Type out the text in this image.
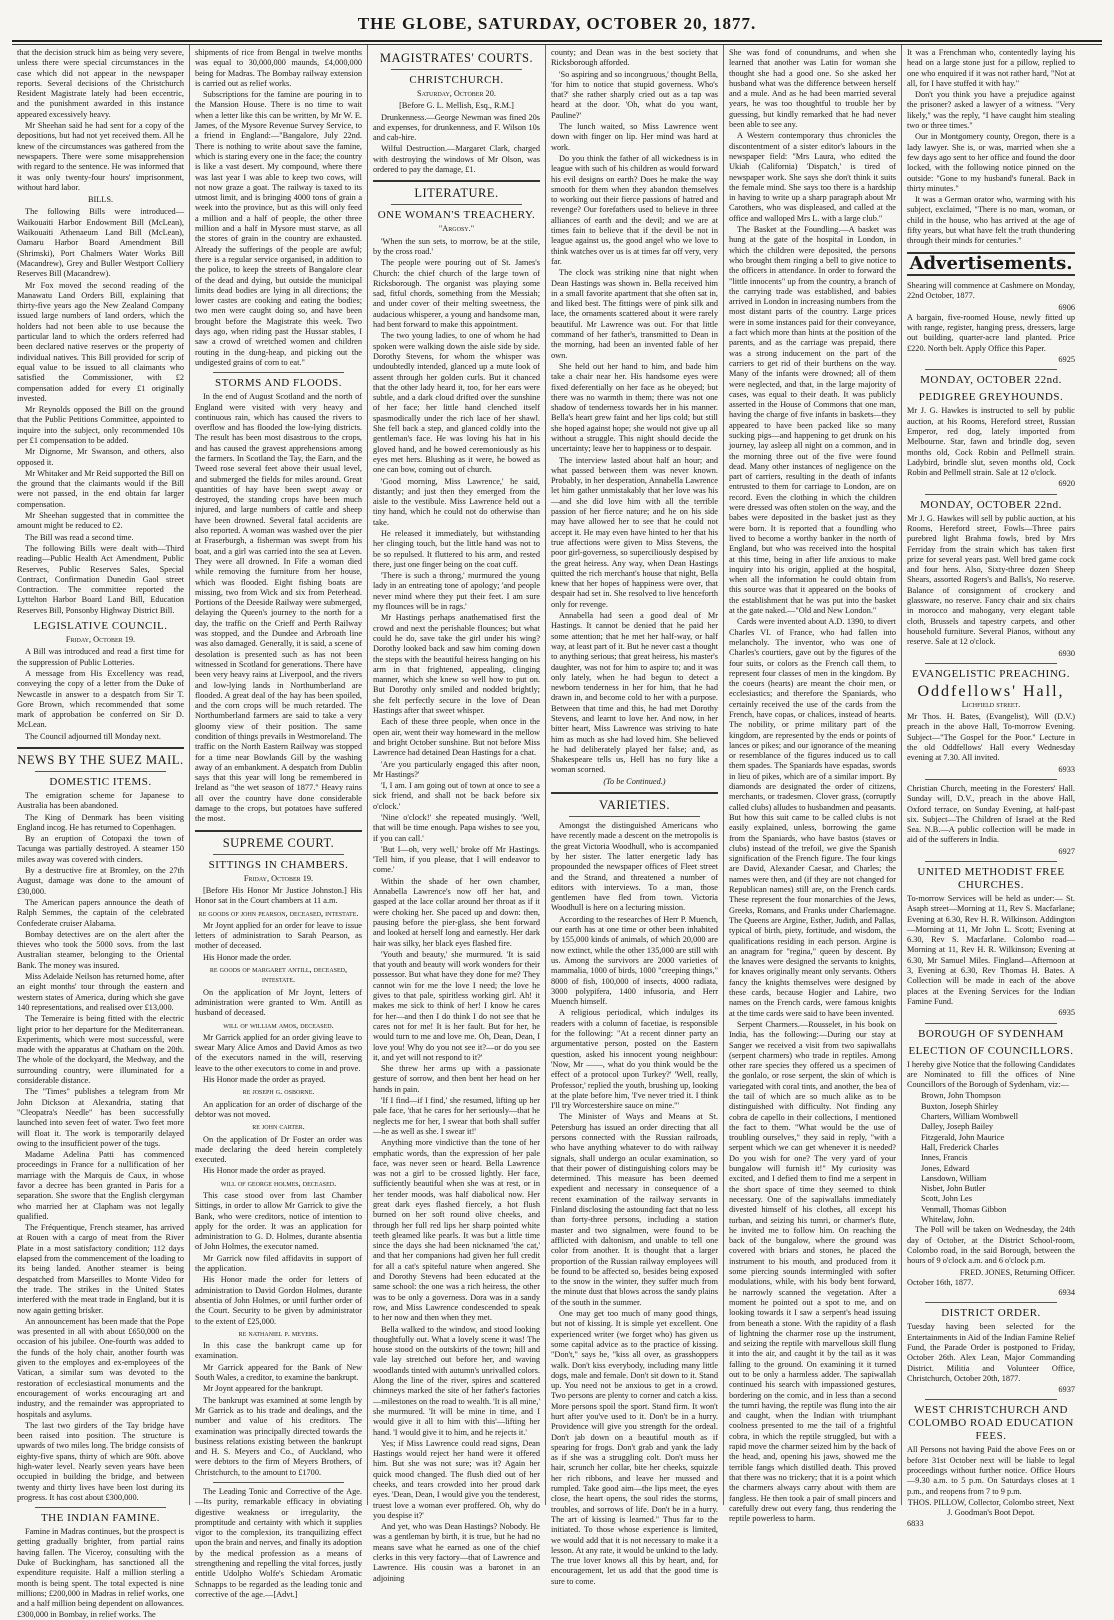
THE GLOBE, SATURDAY, OCTOBER 20, 1877.

that the decision struck him as being very severe, unless there were special circumstances in the case which did not appear in the newspaper reports. Several decisions of the Christchurch Resident Magistrate lately had been eccentric, and the punishment awarded in this instance appeared excessively heavy.

Mr Sheehan said he had sent for a copy of the depositions, but had not yet received them. All he knew of the circumstances was gathered from the newspapers. There were some misapprehension with regard to the sentence. He was informed that it was only twenty-four hours' imprisonment, without hard labor.

BILLS.

The following Bills were introduced—Waikouaiti Harbor Endowment Bill (McLean), Waikouaiti Athenaeum Land Bill (McLean), Oamaru Harbor Board Amendment Bill (Shrimski), Port Chalmers Water Works Bill (Macandrew), Grey and Buller Westport Colliery Reserves Bill (Macandrew).

Mr Fox moved the second reading of the Manawatu Land Orders Bill, explaining that thirty-five years ago the New Zealand Company issued large numbers of land orders, which the holders had not been able to use because the particular land to which the orders referred had been declared native reserves or the property of individual natives. This Bill provided for scrip of equal value to be issued to all claimants who satisfied the Commissioner, with £2 compensation added for every £1 originally invested.

Mr Reynolds opposed the Bill on the ground that the Public Petitions Committee, appointed to inquire into the subject, only recommended 10s per £1 compensation to be added.

Mr Dignorne, Mr Swanson, and others, also opposed it.

Mr Whitaker and Mr Reid supported the Bill on the ground that the claimants would if the Bill were not passed, in the end obtain far larger compensation.

Mr Sheehan suggested that in committee the amount might be reduced to £2.

The Bill was read a second time.

The following Bills were dealt with—Third reading—Public Health Act Amendment, Public Reserves, Public Reserves Sales, Special Contract, Confirmation Dunedin Gaol street Contraction. The committee reported the Lyttelton Harbor Board Land Bill, Education Reserves Bill, Ponsonby Highway District Bill.

LEGISLATIVE COUNCIL.
Friday, October 19.

A Bill was introduced and read a first time for the suppression of Public Lotteries.

A message from His Excellency was read, conveying the copy of a letter from the Duke of Newcastle in answer to a despatch from Sir T. Gore Brown, which recommended that some mark of approbation be conferred on Sir D. McLean.

The Council adjourned till Monday next.

NEWS BY THE SUEZ MAIL.
DOMESTIC ITEMS.

The emigration scheme for Japanese to Australia has been abandoned.

The King of Denmark has been visiting England incog. He has returned to Copenhagen.

By an eruption of Cotopaxi the town of Tacunga was partially destroyed. A steamer 150 miles away was covered with cinders.

By a destructive fire at Bromley, on the 27th August, damage was done to the amount of £30,000.

The American papers announce the death of Ralph Semmes, the captain of the celebrated Confederate cruiser Alabama.

Bombay detectives are on the alert after the thieves who took the 5000 sovs. from the last Australian steamer, belonging to the Oriental Bank. The money was insured.

Miss Adelaide Neilson has returned home, after an eight months' tour through the eastern and western states of America, during which she gave 140 representations, and realised over £13,000.

The Temeraire is being fitted with the electric light prior to her departure for the Mediterranean. Experiments, which were most successful, were made with the apparatus at Chatham on the 20th. The whole of the dockyard, the Medway, and the surrounding country, were illuminated for a considerable distance.

The "Times" publishes a telegram from Mr John Dickson at Alexandria, stating that "Cleopatra's Needle" has been successfully launched into seven feet of water. Two feet more will float it. The work is temporarily delayed owing to the insufficient power of the tugs.

Madame Adelina Patti has commenced proceedings in France for a nullification of her marriage with the Marquis de Caux, in whose favor a decree has been granted in Paris for a separation. She swore that the English clergyman who married her at Clapham was not legally qualified.

The Fréquentique, French steamer, has arrived at Rouen with a cargo of meat from the River Plate in a most satisfactory condition; 112 days elapsed from the commencement of the loading to its being landed. Another steamer is being despatched from Marseilles to Monte Video for the trade. The strikes in the United States interfered with the meat trade in England, but it is now again getting brisker.

An announcement has been made that the Pope was presented in all with about £650,000 on the occasion of his jubilee. One-fourth was added to the funds of the holy chair, another fourth was given to the employes and ex-employees of the Vatican, a similar sum was devoted to the restoration of ecclesiastical monuments and the encouragement of works encouraging art and industry, and the remainder was appropriated to hospitals and asylums.

The last two girders of the Tay bridge have been raised into position. The structure is upwards of two miles long. The bridge consists of eighty-five spans, thirty of which are 90ft. above high-water level. Nearly seven years have been occupied in building the bridge, and between twenty and thirty lives have been lost during its progress. It has cost about £300,000.

THE INDIAN FAMINE.

Famine in Madras continues, but the prospect is getting gradually brighter, from partial rains having fallen. The Viceroy, consulting with the Duke of Buckingham, has sanctioned all the expenditure requisite. Half a million sterling a month is being spent. The total expected is nine millions; £200,000 in Madras in relief works, one and a half million being dependent on allowances. £300,000 in Bombay, in relief works. The

shipments of rice from Bengal in twelve months was equal to 30,000,000 maunds, £4,000,000 being for Madras. The Bombay railway extension is carried out as relief works.

Subscriptions for the famine are pouring in to the Mansion House. There is no time to wait when a letter like this can be written, by Mr W. E. James, of the Mysore Revenue Survey Service, to a friend in England:—"Bangalore, July 22nd. There is nothing to write about save the famine, which is staring every one in the face; the country is like a vast desert. My compound, where there was last year I was able to keep two cows, will not now graze a goat. The railway is taxed to its utmost limit, and is bringing 4000 tons of grain a week into the province, but as this will only feed a million and a half of people, the other three million and a half in Mysore must starve, as all the stores of grain in the country are exhausted. Already the sufferings of the people are awful; there is a regular service organised, in addition to the police, to keep the streets of Bangalore clear of the dead and dying, but outside the municipal limits dead bodies are lying in all directions; the lower castes are cooking and eating the bodies; two men were caught doing so, and have been brought before the Magistrate this week. Two days ago, when riding past the Hussar stables, I saw a crowd of wretched women and children routing in the dung-heap, and picking out the undigested grains of corn to eat."

STORMS AND FLOODS.

In the end of August Scotland and the north of England were visited with very heavy and continuous rain, which has caused the rivers to overflow and has flooded the low-lying districts. The result has been most disastrous to the crops, and has caused the gravest apprehensions among the farmers. In Scotland the Tay, the Earn, and the Tweed rose several feet above their usual level, and submerged the fields for miles around. Great quantities of hay have been swept away or destroyed, the standing crops have been much injured, and large numbers of cattle and sheep have been drowned. Several fatal accidents are also reported. A woman was washed over the pier at Fraserburgh, a fisherman was swept from his boat, and a girl was carried into the sea at Leven. They were all drowned. In Fife a woman died while removing the furniture from her house, which was flooded. Eight fishing boats are missing, two from Wick and six from Peterhead. Portions of the Deeside Railway were submerged, delaying the Queen's journey to the north for a day, the traffic on the Crieff and Perth Railway was stopped, and the Dundee and Arbroath line was also damaged. Generally, it is said, a scene of desolation is presented such as has not been witnessed in Scotland for generations. There have been very heavy rains at Liverpool, and the rivers and low-lying lands in Northumberland are flooded. A great deal of the hay has been spoiled, and the corn crops will be much retarded. The Northumberland farmers are said to take a very gloomy view of their position. The same condition of things prevails in Westmoreland. The traffic on the North Eastern Railway was stopped for a time near Bowlands Gill by the washing away of an embankment. A despatch from Dublin says that this year will long be remembered in Ireland as "the wet season of 1877." Heavy rains all over the country have done considerable damage to the crops, but potatoes have suffered the most.

SUPREME COURT.
SITTINGS IN CHAMBERS.
Friday, October 19.

[Before His Honor Mr Justice Johnston.] His Honor sat in the Court chambers at 11 a.m.

re goods of john pearson, deceased, intestate.

Mr Joynt applied for an order for leave to issue letters of administration to Sarah Pearson, as mother of deceased.

His Honor made the order.

re goods of margaret antill, deceased, intestate.

On the application of Mr Joynt, letters of administration were granted to Wm. Antill as husband of deceased.

will of william amos, deceased.

Mr Garrick applied for an order giving leave to swear Mary Alice Amos and David Amos as two of the executors named in the will, reserving leave to the other executors to come in and prove.

His Honor made the order as prayed.

re joseph g. osborne.

An application for an order of discharge of the debtor was not moved.

re john carter.

On the application of Dr Foster an order was made declaring the deed herein completely executed.

His Honor made the order as prayed.

will of george holmes, deceased.

This case stood over from last Chamber Sittings, in order to allow Mr Garrick to give the Bank, who were creditors, notice of intention to apply for the order. It was an application for administration to G. D. Holmes, durante absentia of John Holmes, the executor named.

Mr Garrick now filed affidavits in support of the application.

His Honor made the order for letters of administration to David Gordon Holmes, durante absentia of John Holmes, or until further order of the Court. Security to be given by administrator to the extent of £25,000.

re nathaniel p. meyers.

In this case the bankrupt came up for examination.

Mr Garrick appeared for the Bank of New South Wales, a creditor, to examine the bankrupt.

Mr Joynt appeared for the bankrupt.

The bankrupt was examined at some length by Mr Garrick as to his trade and dealings, and the number and value of his creditors. The examination was principally directed towards the business relations existing between the bankrupt and H. S. Meyers and Co., of Auckland, who were debtors to the firm of Meyers Brothers, of Christchurch, to the amount to £1700.

The Leading Tonic and Corrective of the Age.—Its purity, remarkable efficacy in obviating digestive weakness or irregularity, the promptitude and certainty with which it supplies vigor to the complexion, its tranquilizing effect upon the brain and nerves, and finally its adoption by the medical profession as a means of strengthening and repelling the vital forces, justly entitle Udolpho Wolfe's Schiedam Aromatic Schnapps to be regarded as the leading tonic and corrective of the age.—[Advt.]

MAGISTRATES' COURTS.
CHRISTCHURCH.
Saturday, October 20.

[Before G. L. Mellish, Esq., R.M.]

Drunkenness.—George Newman was fined 20s and expenses, for drunkenness, and F. Wilson 10s and cab-hire.

Wilful Destruction.—Margaret Clark, charged with destroying the windows of Mr Olson, was ordered to pay the damage, £1.

LITERATURE.
ONE WOMAN'S TREACHERY.
"Argosy."

'When the sun sets, to morrow, be at the stile, by the cross road.'

The people were pouring out of St. James's Church: the chief church of the large town of Ricksborough. The organist was playing some sad, fitful chords, something from the Messiah; and under cover of their melting sweetness, the audacious whisperer, a young and handsome man, had bent forward to make this appointment.

The two young ladies, to one of whom he had spoken were walking down the aisle side by side. Dorothy Stevens, for whom the whisper was undoubtedly intended, glanced up a mute look of assent through her golden curls. But it chanced that the other lady heard it, too, for her ears were subtle, and a dark cloud drifted over the sunshine of her face; her little hand clenched itself spasmodically under the rich lace of her shawl. She fell back a step, and glanced coldly into the gentleman's face. He was loving his hat in his gloved hand, and he bowed ceremoniously as his eyes met hers. Blushing as it were, he bowed as one can bow, coming out of church.

'Good morning, Miss Lawrence,' he said, distantly; and just then they emerged from the aisle to the vestibule. Miss Lawrence held out a tiny hand, which he could not do otherwise than take.

He released it immediately, but withstanding her clinging touch, but the little hand was not to be so repulsed. It fluttered to his arm, and rested there, just one finger being on the coat cuff.

'There is such a throng,' murmured the young lady in an entreating tone of apology; 'and people never mind where they put their feet. I am sure my flounces will be in rags.'

Mr Hastings perhaps anathematised first the crowd and next the perishable flounces; but what could he do, save take the girl under his wing? Dorothy looked back and saw him coming down the steps with the beautiful heiress hanging on his arm in that frightened, appealing, clinging manner, which she knew so well how to put on. But Dorothy only smiled and nodded brightly; she felt perfectly secure in the love of Dean Hastings after that sweet whisper.

Each of these three people, when once in the open air, went their way homeward in the mellow and bright October sunshine. But not before Miss Lawrence had detained Dean Hastings for a chat.

'Are you particularly engaged this after noon, Mr Hastings?'

'I, I am. I am going out of town at once to see a sick friend, and shall not be back before six o'clock.'

'Nine o'clock!' she repeated musingly. 'Well, that will be time enough. Papa wishes to see you, if you can call.'

'But I—oh, very well,' broke off Mr Hastings. 'Tell him, if you please, that I will endeavor to come.'

Within the shade of her own chamber, Annabella Lawrence's now off her hat, and gasped at the lace collar around her throat as if it were choking her. She paced up and down: then, pausing before the pier-glass, she bent forward and looked at herself long and earnestly. Her dark hair was silky, her black eyes flashed fire.

'Youth and beauty,' she murmured. 'It is said that youth and beauty will work wonders for their possessor. But what have they done for me? They cannot win for me the love I need; the love he gives to that pale, spiritless working girl. Ah! it makes me sick to think of her! I know he cares for her—and then I do think I do not see that he cares not for me! It is her fault. But for her, he would turn to me and love me. Oh, Dean, Dean, I love you! Why do you not see it?—or do you see it, and yet will not respond to it?'

She threw her arms up with a passionate gesture of sorrow, and then bent her head on her hands in pain.

'If I find—if I find,' she resumed, lifting up her pale face, 'that he cares for her seriously—that he neglects me for her, I swear that both shall suffer—he as well as she. I swear it!'

Anything more vindictive than the tone of her emphatic words, than the expression of her pale face, was never seen or heard. Bella Lawrence was not a girl to be crossed lightly. Her face, sufficiently beautiful when she was at rest, or in her tender moods, was half diabolical now. Her great dark eyes flashed fiercely, a hot flush burned on her soft round olive cheeks, and through her full red lips her sharp pointed white teeth gleamed like pearls. It was but a little time since the days she had been nicknamed 'the cat,' and that her companions had given her full credit for all a cat's spiteful nature when angered. She and Dorothy Stevens had been educated at the same school: the one was a rich heiress, the other was to be only a governess. Dora was in a sandy row, and Miss Lawrence condescended to speak to her now and then when they met.

Bella walked to the window, and stood looking thoughtfully out. What a lovely scene it was! The house stood on the outskirts of the town; hill and vale lay stretched out before her, and waving woodlands tinted with autumn's unrivalled colors. Along the line of the river, spires and scattered chimneys marked the site of her father's factories—milestones on the road to wealth. 'It is all mine,' she murmured. 'It will be mine in time, and I would give it all to him with this'—lifting her hand. 'I would give it to him, and he rejects it.'

Yes; if Miss Lawrence could read signs, Dean Hastings would reject her hand were it offered him. But she was not sure; was it? Again her quick mood changed. The flush died out of her cheeks, and tears crowded into her proud dark eyes. 'Dean, Dean, I would give you the tenderest, truest love a woman ever proffered. Oh, why do you despise it?'

And yet, who was Dean Hastings? Nobody. He was a gentleman by birth, it is true, but he had no means save what he earned as one of the chief clerks in this very factory—that of Lawrence and Lawrence. His cousin was a baronet in an adjoining

county; and Dean was in the best society that Ricksborough afforded.

'So aspiring and so incongruous,' thought Bella, 'for him to notice that stupid governess. Who's that?' she rather sharply cried out as a tap was heard at the door. 'Oh, what do you want, Pauline?'

The lunch waited, so Miss Lawrence went down with finger on lip. Her mind was hard at work.

Do you think the father of all wickedness is in league with such of his children as would forward his evil designs on earth? Does he make the way smooth for them when they abandon themselves to working out their fierce passions of hatred and revenge? Our forefathers used to believe in three alliances of earth and the devil; and we are at times fain to believe that if the devil be not in league against us, the good angel who we love to think watches over us is at times far off very, very far.

The clock was striking nine that night when Dean Hastings was shown in. Bella received him in a small favorite apartment that she often sat in, and liked best. The fittings were of pink silk and lace, the ornaments scattered about it were rarely beautiful. Mr Lawrence was out. For that little command of her father's, transmitted to Dean in the morning, had been an invented fable of her own.

She held out her hand to him, and bade him take a chair near her. His handsome eyes were fixed deferentially on her face as he obeyed; but there was no warmth in them; there was not one shadow of tenderness towards her in his manner. Bella's heart grew faint and her lips cold; but still she hoped against hope; she would not give up all without a struggle. This night should decide the uncertainty; leave her to happiness or to despair.

The interview lasted about half an hour; and what passed between them was never known. Probably, in her desperation, Annabella Lawrence let him gather unmistakably that her love was his—and she did love him with all the terrible passion of her fierce nature; and he on his side may have allowed her to see that he could not accept it. He may even have hinted to her that his true affections were given to Miss Stevens, the poor girl-governess, so superciliously despised by the great heiress. Any way, when Dean Hastings quitted the rich merchant's house that night, Bella knew that her hopes of happiness were over, that despair had set in. She resolved to live henceforth only for revenge.

Annabella had seen a good deal of Mr Hastings. It cannot be denied that he paid her some attention; that he met her half-way, or half way, at least part of it. But he never cast a thought to anything serious; that great heiress, his master's daughter, was not for him to aspire to; and it was only lately, when he had begun to detect a newborn tenderness in her for him, that he had drawn in, and become cold to her with a purpose. Between that time and this, he had met Dorothy Stevens, and learnt to love her. And now, in her bitter heart, Miss Lawrence was striving to hate him as much as she had loved him. She believed he had deliberately played her false; and, as Shakespeare tells us, Hell has no fury like a woman scorned.

(To be Continued.)

VARIETIES.

Amongst the distinguished Americans who have recently made a descent on the metropolis is the great Victoria Woodhull, who is accompanied by her sister. The latter energetic lady has propounded the newspaper offices of Fleet street and the Strand, and threatened a number of editors with interviews. To a man, those gentlemen have fled from town. Victoria Woodhull is here on a lecturing mission.

According to the researches of Herr P. Muench, our earth has at one time or other been inhabited by 155,000 kinds of animals, of which 20,000 are now extinct, while the other 135,000 are still with us. Among the survivors are 2000 varieties of mammalia, 1000 of birds, 1000 "creeping things," 8000 of fish, 100,000 of insects, 4000 radiata, 3000 polypifera, 1400 infusoria, and Herr Muench himself.

A religious periodical, which indulges its readers with a column of facetiae, is responsible for the following: "At a recent dinner party an argumentative person, posted on the Eastern question, asked his innocent young neighbour: 'Now, Mr ——, what do you think would be the effect of a protocol upon Turkey?' 'Well, really, Professor,' replied the youth, brushing up, looking at the plate before him, 'I've never tried it. I think I'll try Worcestershire sauce on mine.'"

The Minister of Ways and Means at St. Petersburg has issued an order directing that all persons connected with the Russian railroads, who have anything whatever to do with railway signals, shall undergo an ocular examination, so that their power of distinguishing colors may be determined. This measure has been deemed expedient and necessary in consequence of a recent examination of the railway servants in Finland disclosing the astounding fact that no less than forty-three persons, including a station master and two signalmen, were found to be afflicted with daltonism, and unable to tell one color from another. It is thought that a larger proportion of the Russian railway employees will be found to be affected so, besides being exposed to the snow in the winter, they suffer much from the minute dust that blows across the sandy plains of the south in the summer.

One may get too much of many good things, but not of kissing. It is simple yet excellent. One experienced writer (we forget who) has given us some capital advice as to the practice of kissing. "Don't," says he, "kiss all over, as grasshoppers walk. Don't kiss everybody, including many little dogs, male and female. Don't sit down to it. Stand up. You need not be anxious to get in a crowd. Two persons are plenty to corner and catch a kiss. More persons spoil the sport. Stand firm. It won't hurt after you've used to it. Don't be in a hurry. Providence will give you strength for the ordeal. Don't jab down on a beautiful mouth as if spearing for frogs. Don't grab and yank the lady as if she was a struggling colt. Don't muss her hair, scrunch her collar, bite her cheeks, squizzle her rich ribbons, and leave her mussed and rumpled. Take good aim—the lips meet, the eyes close, the heart opens, the soul rides the storms, troubles, and sorrows of life. Don't be in a hurry. The art of kissing is learned." Thus far to the initiated. To those whose experience is limited, we would add that it is not necessary to make it a lesson. At any rate, it would be unkind to the lady. The true lover knows all this by heart, and, for encouragement, let us add that the good time is sure to come.

She was fond of conundrums, and when she learned that another was Latin for woman she thought she had a good one. So she asked her husband what was the difference between herself and a mule. And as he had been married several years, he was too thoughtful to trouble her by guessing, but kindly remarked that he had never been able to see any.

A Western contemporary thus chronicles the discontentment of a sister editor's labours in the newspaper field: "Mrs Laura, who edited the Ukiah (California) 'Dispatch,' is tired of newspaper work. She says she don't think it suits the female mind. She says too there is a hardship in having to write up a sharp paragraph about Mr Carothers, who was displeased, and called at the office and walloped Mrs L. with a large club."

The Basket at the Foundling.—A basket was hung at the gate of the hospital in London, in which the children were deposited, the persons who brought them ringing a bell to give notice to the officers in attendance. In order to forward the "little innocents" up from the country, a branch of the carrying trade was established, and babies arrived in London in increasing numbers from the most distant parts of the country. Large prices were in some instances paid for their conveyance, a fact which more than hints at the position of the parents, and as the carriage was prepaid, there was a strong inducement on the part of the carriers to get rid of their burthens on the way. Many of the infants were drowned; all of them were neglected, and that, in the large majority of cases, was equal to their death. It was publicly asserted in the House of Commons that one man, having the charge of five infants in baskets—they appeared to have been packed like so many sucking pigs—and happening to get drunk on his journey, lay asleep all night on a common, and in the morning three out of the five were found dead. Many other instances of negligence on the part of carriers, resulting in the death of infants entrusted to them for carriage to London, are on record. Even the clothing in which the children were dressed was often stolen on the way, and the babes were deposited in the basket just as they were born. It is reported that a foundling who lived to become a worthy banker in the north of England, but who was received into the hospital at this time, being in after life anxious to make inquiry into his origin, applied at the hospital, when all the information he could obtain from this source was that it appeared on the books of the establishment that he was put into the basket at the gate naked.—"Old and New London."

Cards were invented about A.D. 1390, to divert Charles VI. of France, who had fallen into melancholy. The inventor, who was one of Charles's courtiers, gave out by the figures of the four suits, or colors as the French call them, to represent four classes of men in the kingdom. By the coeurs (hearts) are meant the choir men, or ecclesiastics; and therefore the Spaniards, who certainly received the use of the cards from the French, have copas, or chalices, instead of hearts. The nobility, or prime military part of the kingdom, are represented by the ends or points of lances or pikes; and our ignorance of the meaning or resemblance of the figures induced us to call them spades. The Spaniards have espadas, swords in lieu of pikes, which are of a similar import. By diamonds are designated the order of citizens, merchants, or tradesmen. Clover grass, (corruptly called clubs) alludes to husbandmen and peasants. But how this suit came to be called clubs is not easily explained, unless, borrowing the game from the Spaniards, who have bastos (staves or clubs) instead of the trefoil, we give the Spanish signification of the French figure. The four kings are David, Alexander Caesar, and Charles; the names were then, and (if they are not changed for Republican names) still are, on the French cards. These represent the four monarchies of the Jews, Greeks, Romans, and Franks under Charlemagne. The Queens are Argine, Esther, Judith, and Pallas, typical of birth, piety, fortitude, and wisdom, the qualifications residing in each person. Argine is an anagram for "regina," queen by descent. By the knaves were designed the servants to knights, for knaves originally meant only servants. Others fancy the knights themselves were designed by these cards, because Hogier and Lahire, two names on the French cards, were famous knights at the time cards were said to have been invented.

Serpent Charmers.—Rousselet, in his book on India, has the following:—During our stay at Sanger we received a visit from two sapiwallahs (serpent charmers) who trade in reptiles. Among other rare species they offered us a specimen of the gonlalo, or rose serpent, the skin of which is variegated with coral tints, and another, the bea of the tail of which are so much alike as to be distinguished with difficulty. Not finding any cobra de capello in their collections, I mentioned the fact to them. "What would be the use of troubling ourselves," they said in reply, "with a serpent which we can get whenever it is needed? Do you wish for one? The very yard of your bungalow will furnish it!" My curiosity was excited, and I defied them to find me a serpent in the short space of time they seemed to think necessary. One of the sapiwallahs immediately divested himself of his clothes, all except his turban, and seizing his tumri, or charmer's flute, he invited me to follow him. On reaching the back of the bungalow, where the ground was covered with briars and stones, he placed the instrument to his mouth, and produced from it some piercing sounds intermingled with softer modulations, while, with his body bent forward, he narrowly scanned the vegetation. After a moment he pointed out a spot to me, and on looking towards it I saw a serpent's head issuing from beneath a stone. With the rapidity of a flash of lightning the charmer rose up the instrument, and seizing the reptile with marvellous skill flung it into the air, and caught it by the tail as it was falling to the ground. On examining it it turned out to be only a harmless adder. The sapiwallah continued his search with impassioned gestures, bordering on the comic, and in less than a second the tumri having, the reptile was flung into the air and caught, when the Indian with triumphant coolness presented to me the tail of a frightful cobra, in which the reptile struggled, but with a rapid move the charmer seized him by the back of the head, and, opening his jaws, showed me the terrible fangs which distilled death. This proved that there was no trickery; that it is a point which the charmers always carry about with them are fangless. He then took a pair of small pincers and carefully drew out every fang, thus rendering the reptile powerless to harm.

It was a Frenchman who, contentedly laying his head on a large stone just for a pillow, replied to one who enquired if it was not rather hard, "Not at all, for I have stuffed it with hay."

Don't you think you have a prejudice against the prisoner? asked a lawyer of a witness. "Very likely," was the reply, "I have caught him stealing two or three times."

Our in Montgomery county, Oregon, there is a lady lawyer. She is, or was, married when she a few days ago sent to her office and found the door locked, with the following notice pinned on the outside: "Gone to my husband's funeral. Back in thirty minutes."

It was a German orator who, warming with his subject, exclaimed, "There is no man, woman, or child in the house, who has arrived at the age of fifty years, but what have felt the truth thundering through their minds for centuries."

Advertisements.

Shearing will commence at Cashmere on Monday, 22nd October, 1877.

6906

A bargain, five-roomed House, newly fitted up with range, register, hanging press, dressers, large out building, quarter-acre land planted. Price £220. North belt. Apply Office this Paper.

6925
MONDAY, OCTOBER 22nd.
PEDIGREE GREYHOUNDS.

Mr J. G. Hawkes is instructed to sell by public auction, at his Rooms, Hereford street, Russian Emperor, red dog, lately imported from Melbourne. Star, fawn and brindle dog, seven months old, Cock Robin and Pellmell strain. Ladybird, brindle slut, seven months old, Cock Robin and Pellmell strain. Sale at 12 o'clock.

6920
MONDAY, OCTOBER 22nd.

Mr J. G. Hawkes will sell by public auction, at his Rooms, Hereford street, Fowls—Three pairs purebred light Brahma fowls, bred by Mrs Ferriday from the strain which has taken first prize for several years past. Well bred game cock and four hens. Also, Sixty-three dozen Sheep Shears, assorted Rogers's and Balls's, No reserve. Balance of consignment of crockery and glassware, no reserve. Fancy chair and six chairs in morocco and mahogany, very elegant table cloth, Brussels and tapestry carpets, and other household furniture. Several Pianos, without any reserve. Sale at 12 o'clock.

6930
EVANGELISTIC PREACHING.
Oddfellows' Hall,
Lichfield street.

Mr Thos. H. Bates, (Evangelist), Will (D.V.) preach in the above Hall, To-morrow Evening. Subject—"The Gospel for the Poor." Lecture in the old Oddfellows' Hall every Wednesday evening at 7.30. All invited.

6933

Christian Church, meeting in the Foresters' Hall. Sunday will, D.V., preach in the above Hall, Oxford terrace, on Sunday Evening, at half-past six. Subject—The Children of Israel at the Red Sea. N.B.—A public collection will be made in aid of the sufferers in India.

6927
UNITED METHODIST FREE CHURCHES.

To-morrow Services will be held as under:— St. Asaph street—Morning at 11, Rev S. Macfarlane; Evening at 6.30, Rev H. R. Wilkinson. Addington—Morning at 11, Mr John L. Scott; Evening at 6.30, Rev S. Macfarlane. Colombo road—Morning at 11, Rev H. R. Wilkinson; Evening at 6.30, Mr Samuel Miles. Fingland—Afternoon at 3, Evening at 6.30, Rev Thomas H. Bates. A Collection will be made in each of the above places at the Evening Services for the Indian Famine Fund.

6935
BOROUGH OF SYDENHAM
ELECTION OF COUNCILLORS.

I hereby give Notice that the following Candidates are Nominated to fill the offices of Nine Councillors of the Borough of Sydenham, viz:—

Brown, John Thompson
Buxton, Joseph Shirley
Charters, William Wombwell
Dalley, Joseph Bailey
Fitzgerald, John Maurice
Hall, Frederick Charles
Innes, Francis
Jones, Edward
Lansdown, William
Nisbet, John Butler
Scott, John Les
Venmall, Thomas Gibbon
Whitelaw, John.

The Poll will be taken on Wednesday, the 24th day of October, at the District School-room, Colombo road, in the said Borough, between the hours of 9 o'clock a.m. and 6 o'clock p.m.

FRED. JONES, Returning Officer.
October 16th, 1877.
6934
DISTRICT ORDER.

Tuesday having been selected for the Entertainments in Aid of the Indian Famine Relief Fund, the Parade Order is postponed to Friday, October 26th. Alex Lean, Major Commanding District. Militia and Volunteer Office, Christchurch, October 20th, 1877.

6937
WEST CHRISTCHURCH AND COLOMBO ROAD EDUCATION FEES.

All Persons not having Paid the above Fees on or before 31st October next will be liable to legal proceedings without further notice. Office Hours—9.30 a.m. to 5 p.m. On Saturdays closes at 1 p.m., and reopens from 7 to 9 p.m.

THOS. PILLOW, Collector, Colombo street, Next J. Goodman's Boot Depot.
6833
